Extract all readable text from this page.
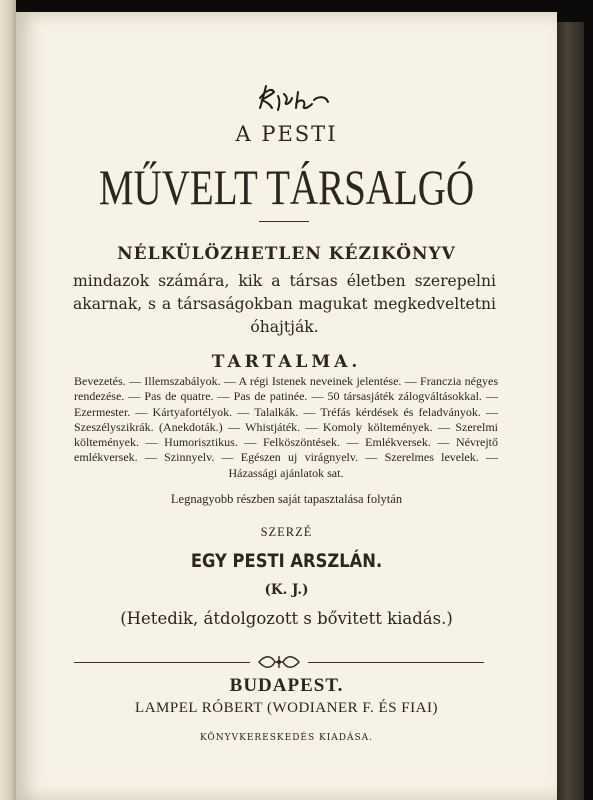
A PESTI
MŰVELT TÁRSALGÓ
NÉLKÜLÖZHETLEN KÉZIKÖNYV
mindazok számára, kik a társas életben szerepelni akarnak, s a társaságokban magukat megkedveltetni óhajtják.
TARTALMA.
Bevezetés. — Illemszabályok. — A régi Istenek neveinek jelentése. — Franczia négyes rendezése. — Pas de quatre. — Pas de patinée. — 50 társasjáték zálogváltásokkal. — Ezermester. — Kártyafortélyok. — Talalkák. — Tréfás kérdések és feladványok. — Szeszélyszikrák. (Anekdoták.) — Whistjáték. — Komoly költemények. — Szerelmi költemények. — Humorisztikus. — Felköszöntések. — Emlékversek. — Névrejtő emlékversek. — Szinnyelv. — Egészen uj virágnyelv. — Szerelmes levelek. — Házassági ajánlatok sat.
Legnagyobb részben saját tapasztalása folytán
SZERZÉ
EGY PESTI ARSZLÁN.
(K. J.)
(Hetedik, átdolgozott s bővitett kiadás.)
BUDAPEST.
LAMPEL RÓBERT (WODIANER F. ÉS FIAI)
KÖNYVKERESKEDÉS KIADÁSA.
